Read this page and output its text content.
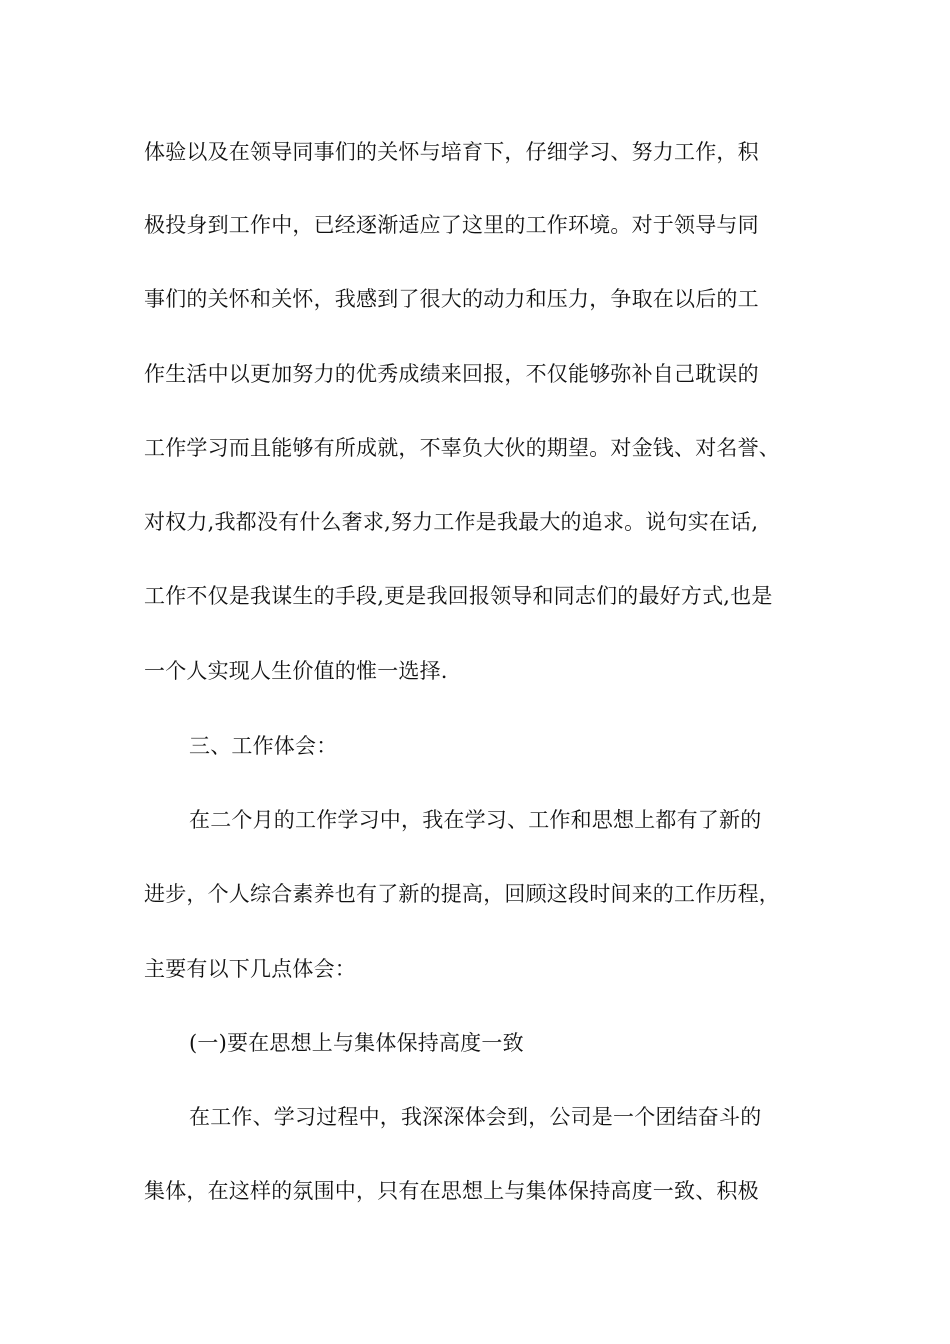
体验以及在领导同事们的关怀与培育下，仔细学习、努力工作，积
极投身到工作中，已经逐渐适应了这里的工作环境。对于领导与同
事们的关怀和关怀，我感到了很大的动力和压力，争取在以后的工
作生活中以更加努力的优秀成绩来回报，不仅能够弥补自己耽误的
工作学习而且能够有所成就，不辜负大伙的期望。对金钱、对名誉、
对权力,我都没有什么奢求,努力工作是我最大的追求。说句实在话,
工作不仅是我谋生的手段,更是我回报领导和同志们的最好方式,也是
一个人实现人生价值的惟一选择.
三、工作体会：
在二个月的工作学习中，我在学习、工作和思想上都有了新的
进步，个人综合素养也有了新的提高，回顾这段时间来的工作历程，
主要有以下几点体会：
(一)要在思想上与集体保持高度一致
在工作、学习过程中，我深深体会到，公司是一个团结奋斗的
集体，在这样的氛围中，只有在思想上与集体保持高度一致、积极
